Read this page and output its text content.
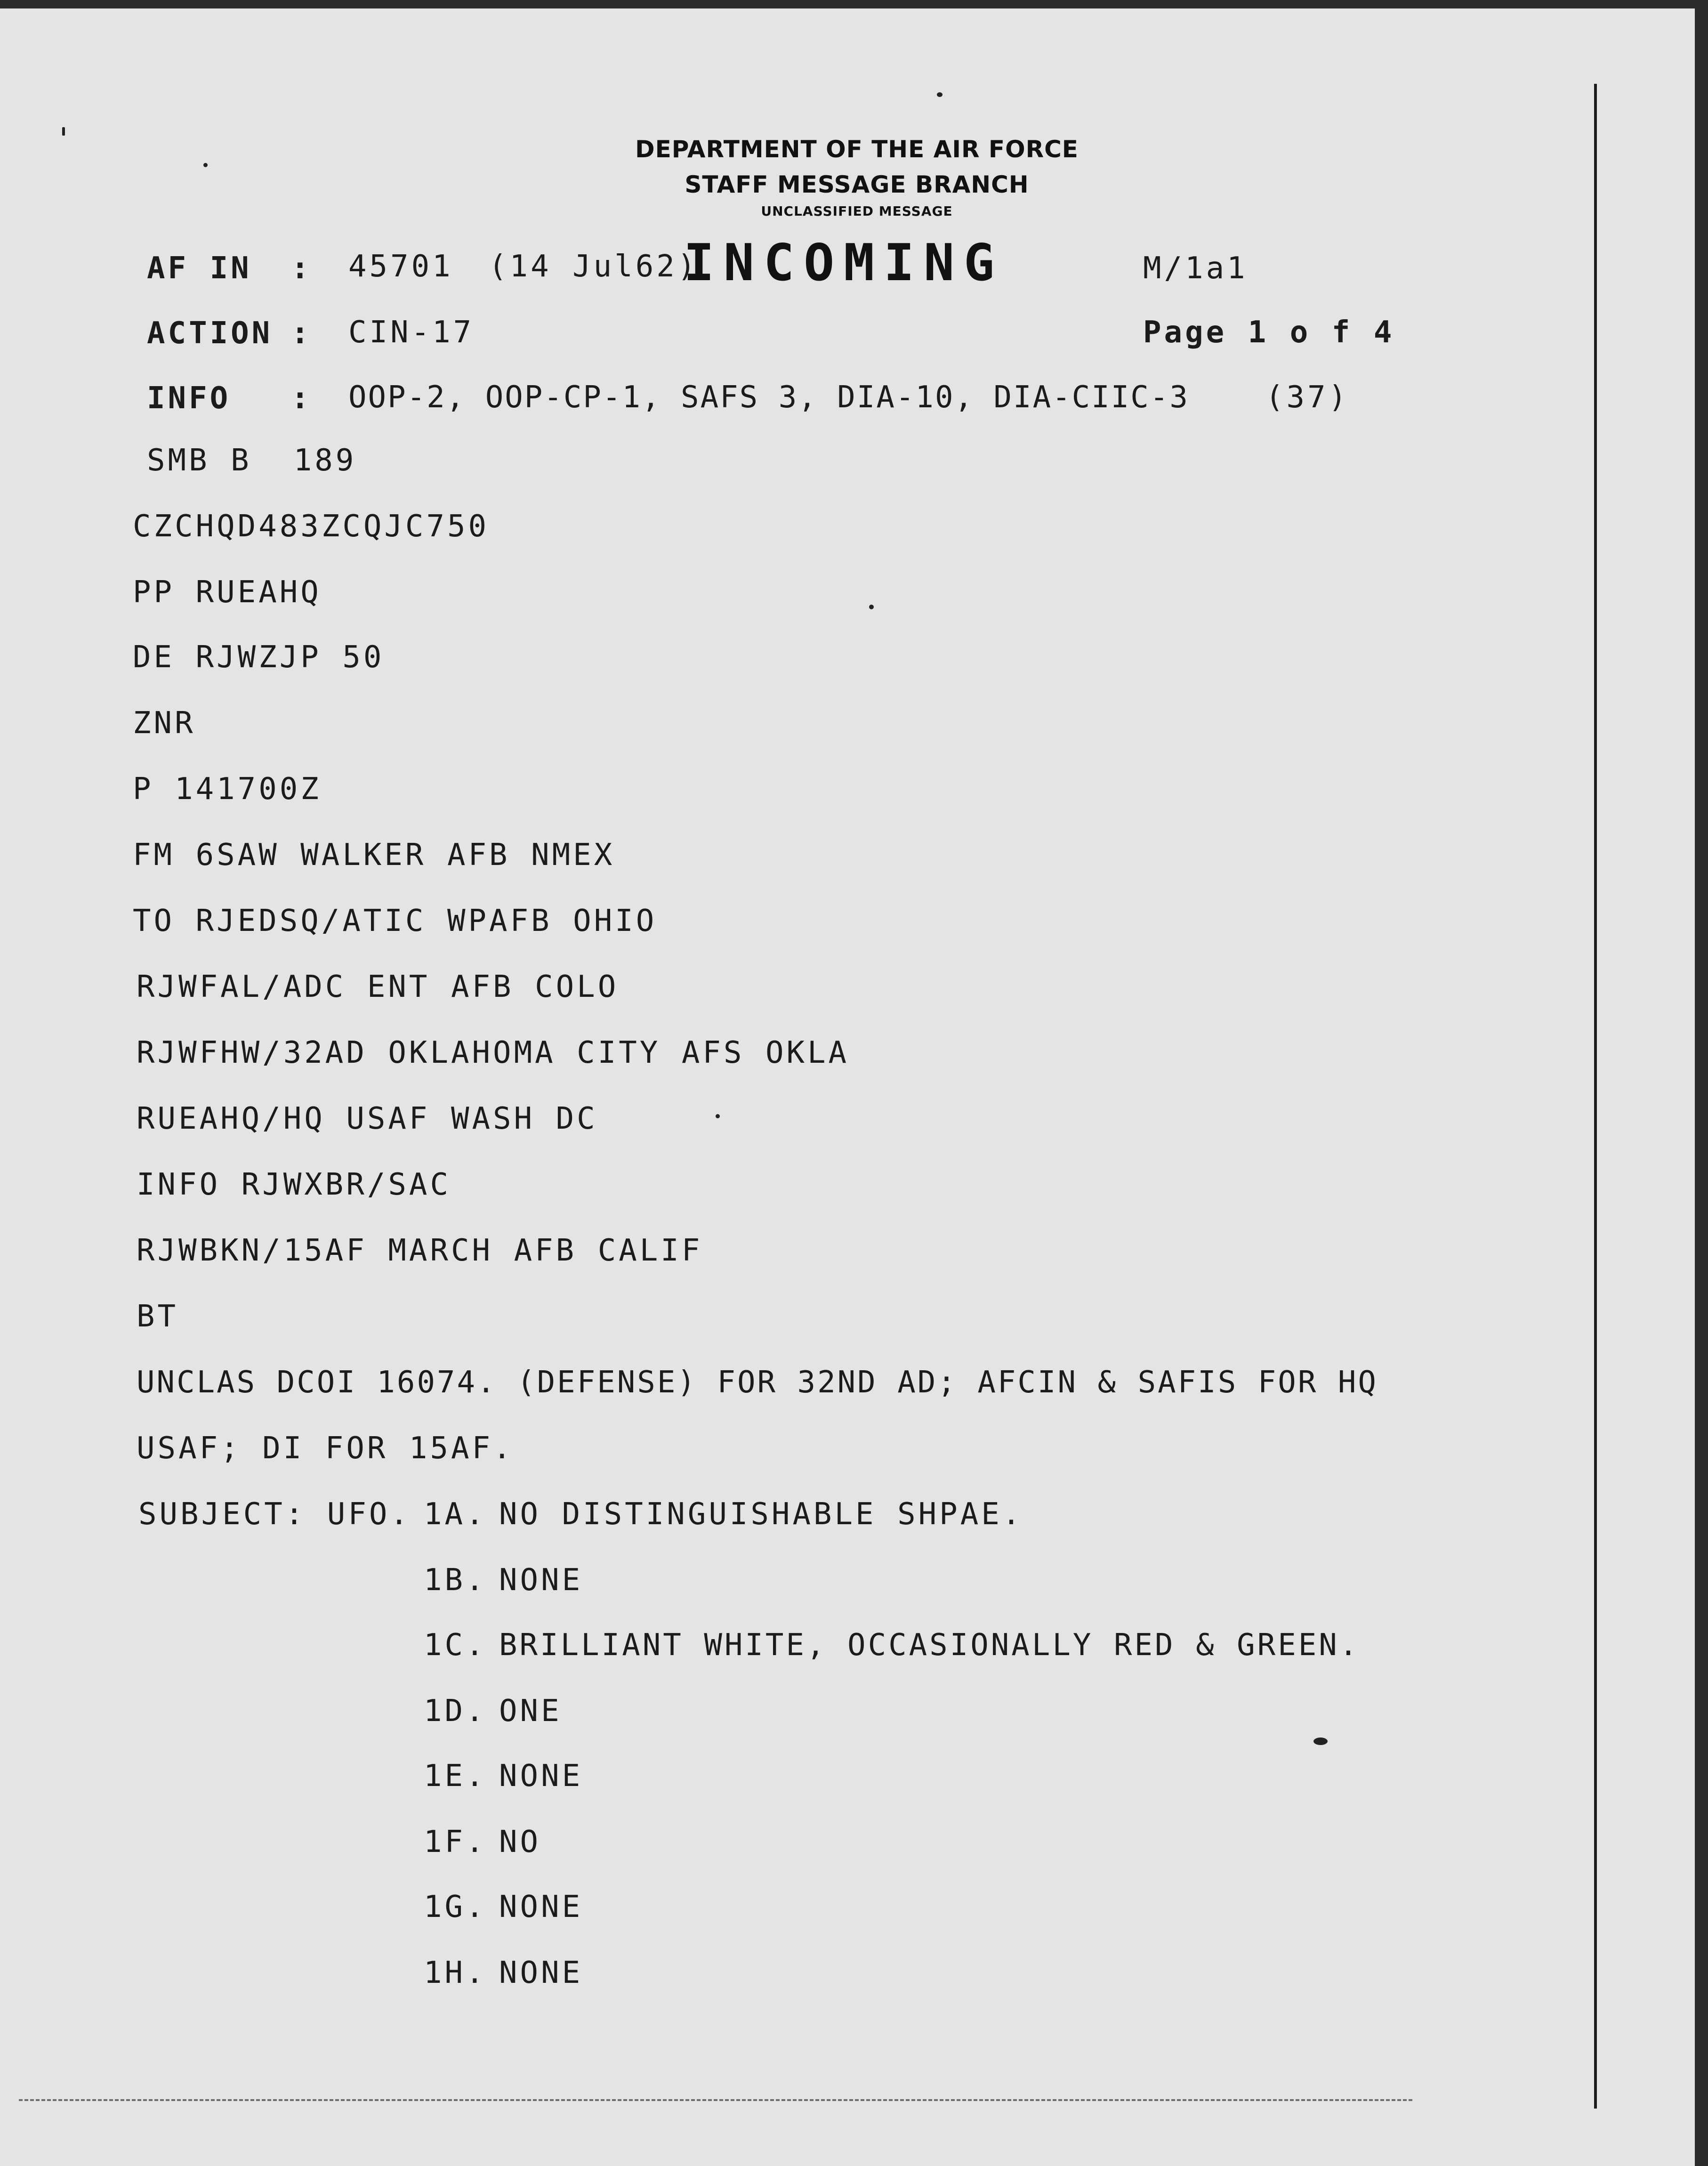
DEPARTMENT OF THE AIR FORCE
STAFF MESSAGE BRANCH
UNCLASSIFIED MESSAGE
AF IN : 45701 (14 Jul62)
INCOMING	M/1a1
ACTION : CIN-17	Page 1 o f 4
INFO : OOP-2, OOP-CP-1, SAFS 3, DIA-10, DIA-CIIC-3	(37)
SMB B  189
CZCHQD483ZCQJC750
PP RUEAHQ
DE RJWZJP 50
ZNR
P 141700Z
FM 6SAW WALKER AFB NMEX
TO RJEDSQ/ATIC WPAFB OHIO
RJWFAL/ADC ENT AFB COLO
RJWFHW/32AD OKLAHOMA CITY AFS OKLA
RUEAHQ/HQ USAF WASH DC
INFO RJWXBR/SAC
RJWBKN/15AF MARCH AFB CALIF
BT
UNCLAS DCOI 16074. (DEFENSE) FOR 32ND AD; AFCIN & SAFIS FOR HQ
USAF; DI FOR 15AF.
SUBJECT: UFO. 1A. NO DISTINGUISHABLE SHPAE.
1B. NONE
1C. BRILLIANT WHITE, OCCASIONALLY RED & GREEN.
1D. ONE
1E. NONE
1F. NO
1G. NONE
1H. NONE
